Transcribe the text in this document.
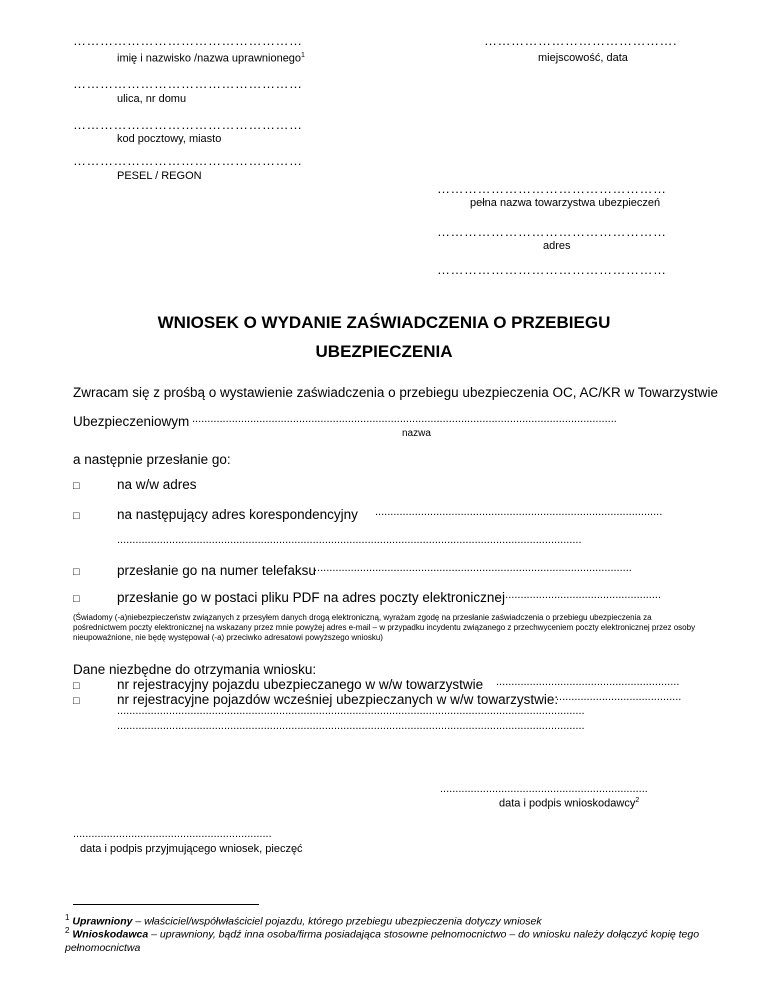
……………………………………………
imię i nazwisko /nazwa uprawnionego$^1$
……………………………………………
ulica, nr domu
……………………………………………
kod pocztowy, miasto
……………………………………………
PESEL / REGON
…………………………………….
miejscowość, data
……………………………………………
pełna nazwa towarzystwa ubezpieczeń
……………………………………………
adres
……………………………………………
WNIOSEK O WYDANIE ZAŚWIADCZENIA O PRZEBIEGU
UBEZPIECZENIA
Zwracam się z prośbą o wystawienie zaświadczenia o przebiegu ubezpieczenia OC, AC/KR w Towarzystwie
Ubezpieczeniowym ...........................................................................................................................................
nazwa
a następnie przesłanie go:
□	na w/w adres
□	na następujący adres korespondencyjny ..............................................................................................
........................................................................................................................................................
□	przesłanie go na numer telefaksu
........................................................................................................
□	przesłanie go w postaci pliku PDF na adres poczty elektronicznej
......................................................
(Świadomy (-a)niebezpieczeństw związanych z przesyłem danych drogą elektroniczną, wyrażam zgodę na przesłanie zaświadczenia o przebiegu ubezpieczenia za pośrednictwem poczty elektronicznej na wskazany przez mnie powyżej adres e-mail – w przypadku incydentu związanego z przechwyceniem poczty elektronicznej przez osoby nieupoważnione, nie będę występował (-a) przeciwko adresatowi powyższego wniosku)
Dane niezbędne do otrzymania wniosku:
□	nr rejestracyjny pojazdu ubezpieczanego w w/w towarzystwie ............................................................
□	nr rejestracyjne pojazdów wcześniej ubezpieczanych w w/w towarzystwie:
.........................................
.........................................................................................................................................................
.........................................................................................................................................................
....................................................................
data i podpis wnioskodawcy$^2$
.................................................................
data i podpis przyjmującego wniosek, pieczęć
$^1$ Uprawniony – właściciel/współwłaściciel pojazdu, którego przebiegu ubezpieczenia dotyczy wniosek
$^2$ Wnioskodawca – uprawniony, bądź inna osoba/firma posiadająca stosowne pełnomocnictwo – do wniosku należy dołączyć kopię tego pełnomocnictwa
